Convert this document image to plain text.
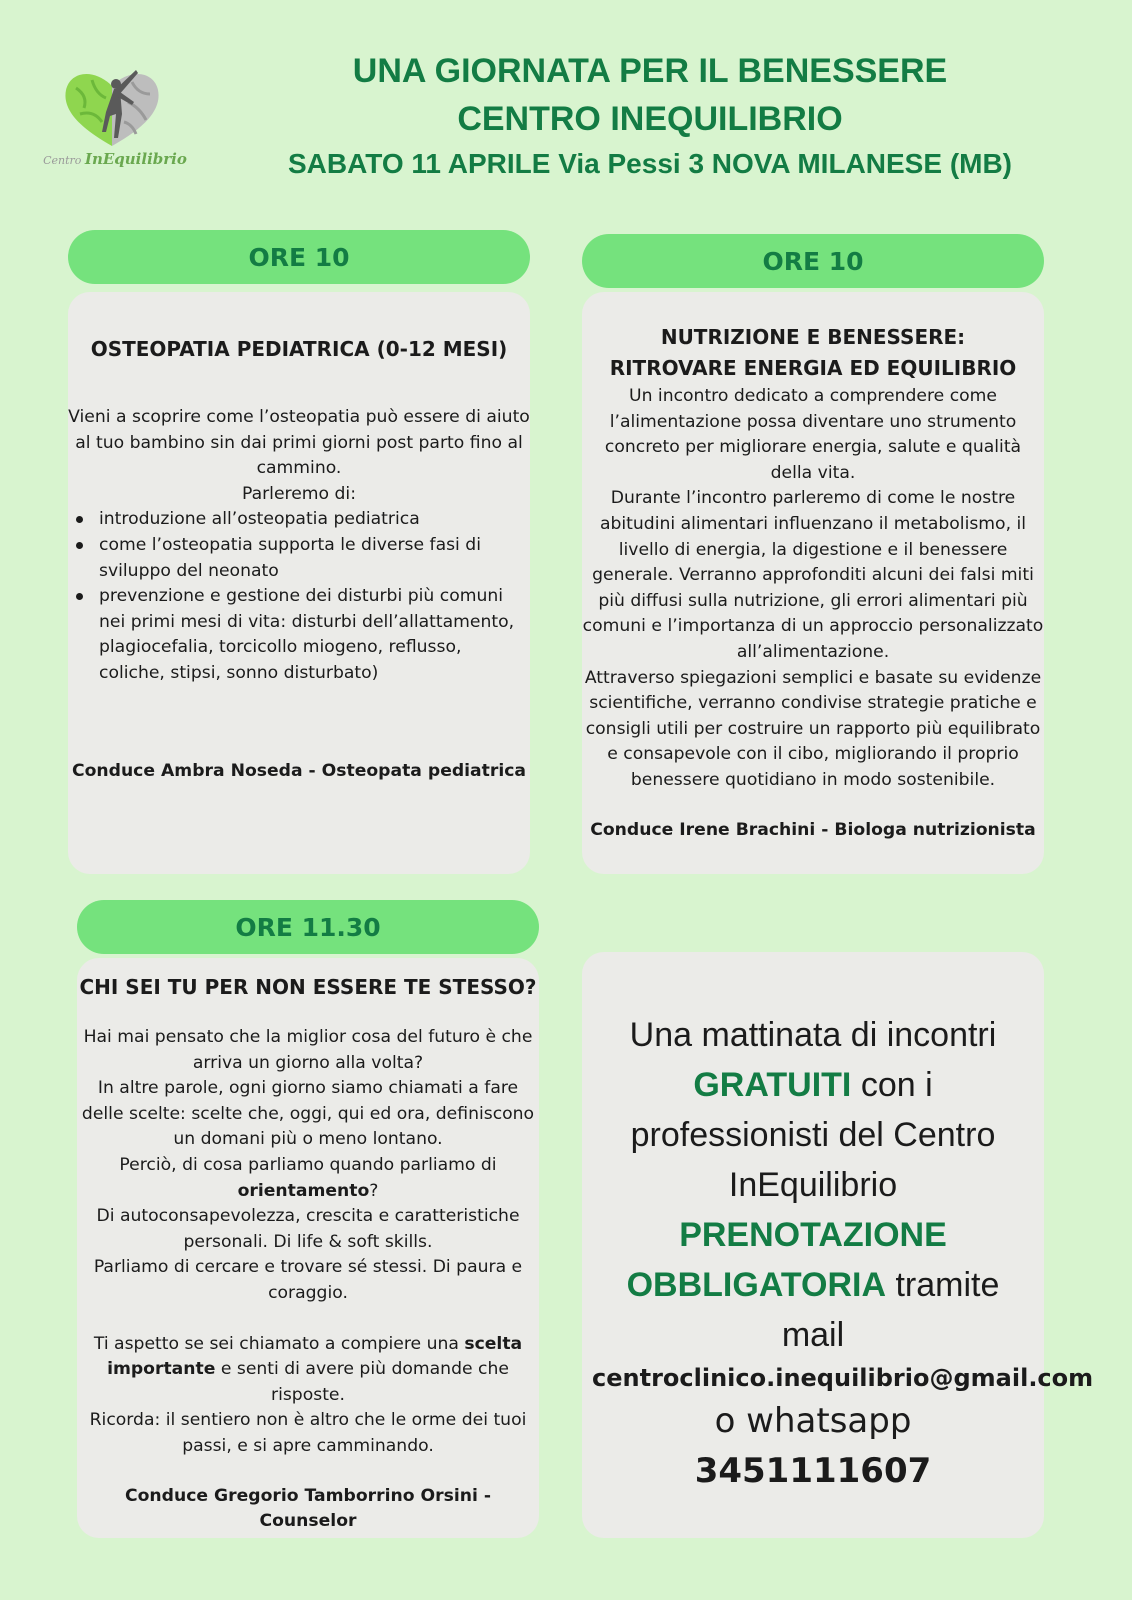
Centro InEquilibrio
UNA GIORNATA PER IL BENESSERE
CENTRO INEQUILIBRIO
SABATO 11 APRILE Via Pessi 3 NOVA MILANESE (MB)
ORE 10
OSTEOPATIA PEDIATRICA (0-12 MESI)

Vieni a scoprire come l’osteopatia può essere di aiuto al tuo bambino sin dai primi giorni post parto fino al cammino.

Parleremo di:

introduzione all’osteopatia pediatrica
come l’osteopatia supporta le diverse fasi di sviluppo del neonato
prevenzione e gestione dei disturbi più comuni nei primi mesi di vita: disturbi dell’allattamento, plagiocefalia, torcicollo miogeno, reflusso, coliche, stipsi, sonno disturbato)

Conduce Ambra Noseda - Osteopata pediatrica

ORE 10
NUTRIZIONE E BENESSERE: RITROVARE ENERGIA ED EQUILIBRIO

Un incontro dedicato a comprendere come l’alimentazione possa diventare uno strumento concreto per migliorare energia, salute e qualità della vita.

Durante l’incontro parleremo di come le nostre abitudini alimentari influenzano il metabolismo, il livello di energia, la digestione e il benessere generale. Verranno approfonditi alcuni dei falsi miti più diffusi sulla nutrizione, gli errori alimentari più comuni e l’importanza di un approccio personalizzato all’alimentazione.

Attraverso spiegazioni semplici e basate su evidenze scientifiche, verranno condivise strategie pratiche e consigli utili per costruire un rapporto più equilibrato e consapevole con il cibo, migliorando il proprio benessere quotidiano in modo sostenibile.

Conduce Irene Brachini - Biologa nutrizionista

ORE 11.30
CHI SEI TU PER NON ESSERE TE STESSO?

Hai mai pensato che la miglior cosa del futuro è che arriva un giorno alla volta?

In altre parole, ogni giorno siamo chiamati a fare delle scelte: scelte che, oggi, qui ed ora, definiscono un domani più o meno lontano.

Perciò, di cosa parliamo quando parliamo di orientamento?

Di autoconsapevolezza, crescita e caratteristiche personali. Di life & soft skills.

Parliamo di cercare e trovare sé stessi. Di paura e coraggio.

Ti aspetto se sei chiamato a compiere una scelta importante e senti di avere più domande che risposte.

Ricorda: il sentiero non è altro che le orme dei tuoi passi, e si apre camminando.

Conduce Gregorio Tamborrino Orsini - Counselor

Una mattinata di incontri GRATUITI con i professionisti del Centro InEquilibrio PRENOTAZIONE OBBLIGATORIA tramite mail
centroclinico.inequilibrio@gmail.com
o whatsapp 3451111607
